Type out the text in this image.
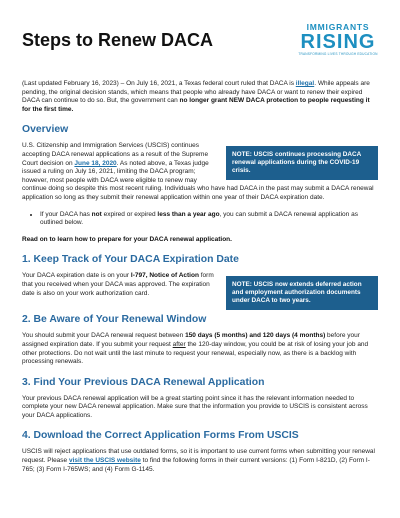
Steps to Renew DACA
IMMIGRANTS
RISING
TRANSFORMING LIVES THROUGH EDUCATION

(Last updated February 16, 2023) – On July 16, 2021, a Texas federal court ruled that DACA is illegal. While appeals are pending, the original decision stands, which means that people who already have DACA or want to renew their expired DACA can continue to do so. But, the government can no longer grant NEW DACA protection to people requesting it for the first time.

Overview
NOTE: USCIS continues processing DACA renewal applications during the COVID-19 crisis.

U.S. Citizenship and Immigration Services (USCIS) continues accepting DACA renewal applications as a result of the Supreme Court decision on June 18, 2020. As noted above, a Texas judge issued a ruling on July 16, 2021, limiting the DACA program; however, most people with DACA were eligible to renew may continue doing so despite this most recent ruling. Individuals who have had DACA in the past may submit a DACA renewal application so long as they submit their renewal application within one year of their DACA expiration date.

• If your DACA has not expired or expired less than a year ago, you can submit a DACA renewal application as outlined below.

Read on to learn how to prepare for your DACA renewal application.

1. Keep Track of Your DACA Expiration Date
NOTE: USCIS now extends deferred action and employment authorization documents under DACA to two years.

Your DACA expiration date is on your I-797, Notice of Action form that you received when your DACA was approved. The expiration date is also on your work authorization card.

2. Be Aware of Your Renewal Window

You should submit your DACA renewal request between 150 days (5 months) and 120 days (4 months) before your assigned expiration date. If you submit your request after the 120-day window, you could be at risk of losing your job and other protections. Do not wait until the last minute to request your renewal, especially now, as there is a backlog with processing renewals.

3. Find Your Previous DACA Renewal Application

Your previous DACA renewal application will be a great starting point since it has the relevant information needed to complete your new DACA renewal application. Make sure that the information you provide to USCIS is consistent across your DACA applications.

4. Download the Correct Application Forms From USCIS

USCIS will reject applications that use outdated forms, so it is important to use current forms when submitting your renewal request. Please visit the USCIS website to find the following forms in their current versions: (1) Form I-821D, (2) Form I-765; (3) Form I-765WS; and (4) Form G-1145.
